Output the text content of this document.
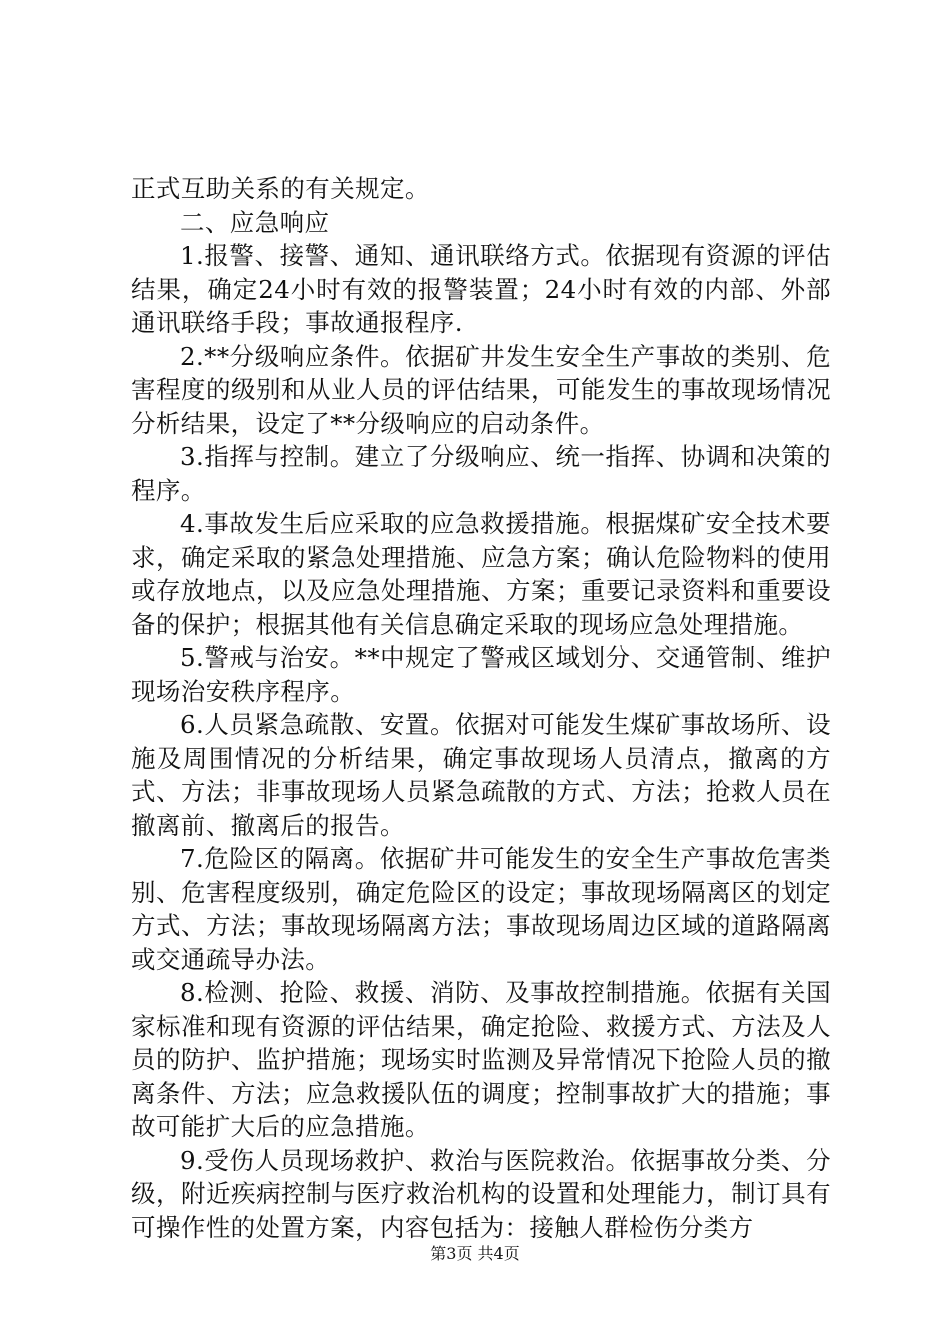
正式互助关系的有关规定。

二、应急响应

1.报警、接警、通知、通讯联络方式。依据现有资源的评估结果，确定24小时有效的报警装置；24小时有效的内部、外部通讯联络手段；事故通报程序.

2.**分级响应条件。依据矿井发生安全生产事故的类别、危害程度的级别和从业人员的评估结果，可能发生的事故现场情况分析结果，设定了**分级响应的启动条件。

3.指挥与控制。建立了分级响应、统一指挥、协调和决策的程序。

4.事故发生后应采取的应急救援措施。根据煤矿安全技术要求，确定采取的紧急处理措施、应急方案；确认危险物料的使用或存放地点，以及应急处理措施、方案；重要记录资料和重要设备的保护；根据其他有关信息确定采取的现场应急处理措施。

5.警戒与治安。**中规定了警戒区域划分、交通管制、维护现场治安秩序程序。

6.人员紧急疏散、安置。依据对可能发生煤矿事故场所、设施及周围情况的分析结果，确定事故现场人员清点，撤离的方式、方法；非事故现场人员紧急疏散的方式、方法；抢救人员在撤离前、撤离后的报告。

7.危险区的隔离。依据矿井可能发生的安全生产事故危害类别、危害程度级别，确定危险区的设定；事故现场隔离区的划定方式、方法；事故现场隔离方法；事故现场周边区域的道路隔离或交通疏导办法。

8.检测、抢险、救援、消防、及事故控制措施。依据有关国家标准和现有资源的评估结果，确定抢险、救援方式、方法及人员的防护、监护措施；现场实时监测及异常情况下抢险人员的撤离条件、方法；应急救援队伍的调度；控制事故扩大的措施；事故可能扩大后的应急措施。

9.受伤人员现场救护、救治与医院救治。依据事故分类、分级，附近疾病控制与医疗救治机构的设置和处理能力，制订具有可操作性的处置方案，内容包括为：接触人群检伤分类方

第3页 共4页
